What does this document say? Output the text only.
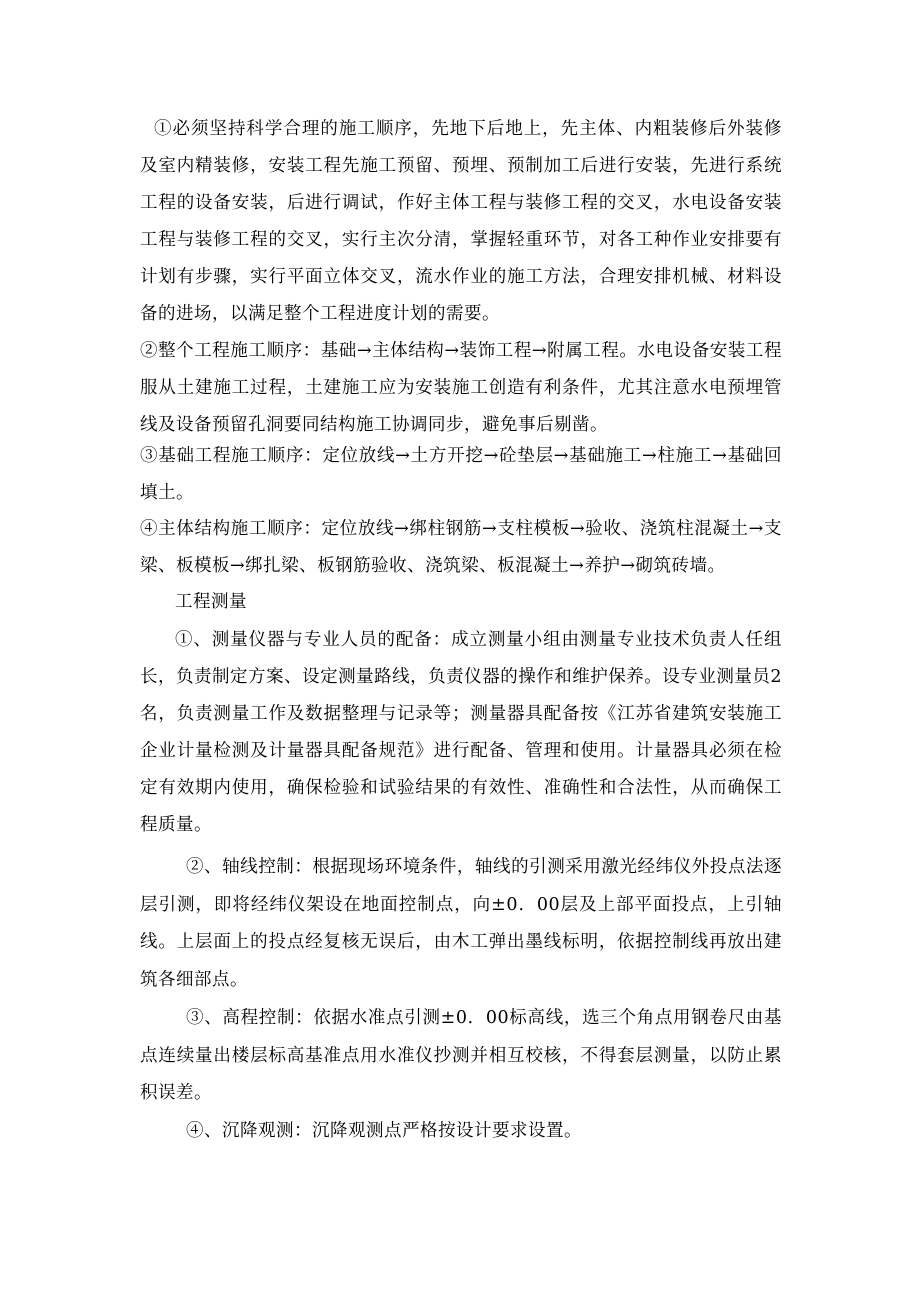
①必须坚持科学合理的施工顺序，先地下后地上，先主体、内粗装修后外装修及室内精装修，安装工程先施工预留、预埋、预制加工后进行安装，先进行系统工程的设备安装，后进行调试，作好主体工程与装修工程的交叉，水电设备安装工程与装修工程的交叉，实行主次分清，掌握轻重环节，对各工种作业安排要有计划有步骤，实行平面立体交叉，流水作业的施工方法，合理安排机械、材料设备的进场，以满足整个工程进度计划的需要。

②整个工程施工顺序：基础→主体结构→装饰工程→附属工程。水电设备安装工程服从土建施工过程，土建施工应为安装施工创造有利条件，尤其注意水电预埋管线及设备预留孔洞要同结构施工协调同步，避免事后剔凿。

③基础工程施工顺序：定位放线→土方开挖→砼垫层→基础施工→柱施工→基础回填土。

④主体结构施工顺序：定位放线→绑柱钢筋→支柱模板→验收、浇筑柱混凝土→支梁、板模板→绑扎梁、板钢筋验收、浇筑梁、板混凝土→养护→砌筑砖墙。

工程测量

①、测量仪器与专业人员的配备：成立测量小组由测量专业技术负责人任组长，负责制定方案、设定测量路线，负责仪器的操作和维护保养。设专业测量员2名，负责测量工作及数据整理与记录等；测量器具配备按《江苏省建筑安装施工企业计量检测及计量器具配备规范》进行配备、管理和使用。计量器具必须在检定有效期内使用，确保检验和试验结果的有效性、准确性和合法性，从而确保工程质量。

②、轴线控制：根据现场环境条件，轴线的引测采用激光经纬仪外投点法逐层引测，即将经纬仪架设在地面控制点，向±0．00层及上部平面投点，上引轴线。上层面上的投点经复核无误后，由木工弹出墨线标明，依据控制线再放出建筑各细部点。

③、高程控制：依据水准点引测±0．00标高线，选三个角点用钢卷尺由基点连续量出楼层标高基准点用水准仪抄测并相互校核，不得套层测量，以防止累积误差。

④、沉降观测：沉降观测点严格按设计要求设置。
